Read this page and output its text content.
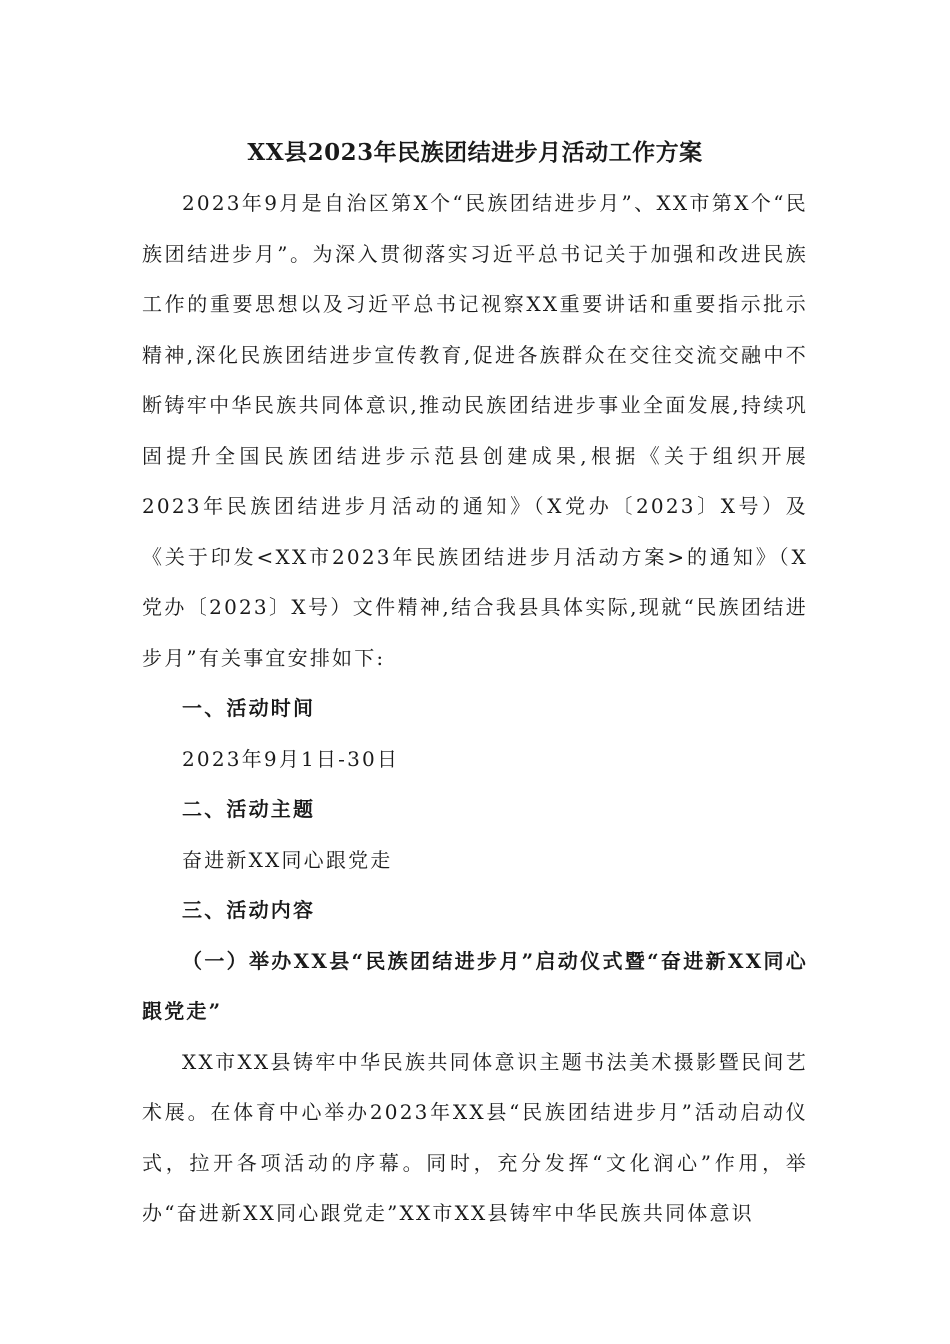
XX县2023年民族团结进步月活动工作方案

2023年9月是自治区第X个“民族团结进步月”、XX市第X个“民族团结进步月”。为深入贯彻落实习近平总书记关于加强和改进民族工作的重要思想以及习近平总书记视察XX重要讲话和重要指示批示精神,深化民族团结进步宣传教育,促进各族群众在交往交流交融中不断铸牢中华民族共同体意识,推动民族团结进步事业全面发展,持续巩固提升全国民族团结进步示范县创建成果,根据《关于组织开展2023年民族团结进步月活动的通知》（X党办〔2023〕X号）及《关于印发<XX市2023年民族团结进步月活动方案>的通知》（X党办〔2023〕X号）文件精神,结合我县具体实际,现就“民族团结进步月”有关事宜安排如下:

一、活动时间

2023年9月1日-30日

二、活动主题

奋进新XX同心跟党走

三、活动内容

（一）举办XX县“民族团结进步月”启动仪式暨“奋进新XX同心跟党走”

XX市XX县铸牢中华民族共同体意识主题书法美术摄影暨民间艺术展。在体育中心举办2023年XX县“民族团结进步月”活动启动仪式，拉开各项活动的序幕。同时，充分发挥“文化润心”作用，举办“奋进新XX同心跟党走”XX市XX县铸牢中华民族共同体意识
